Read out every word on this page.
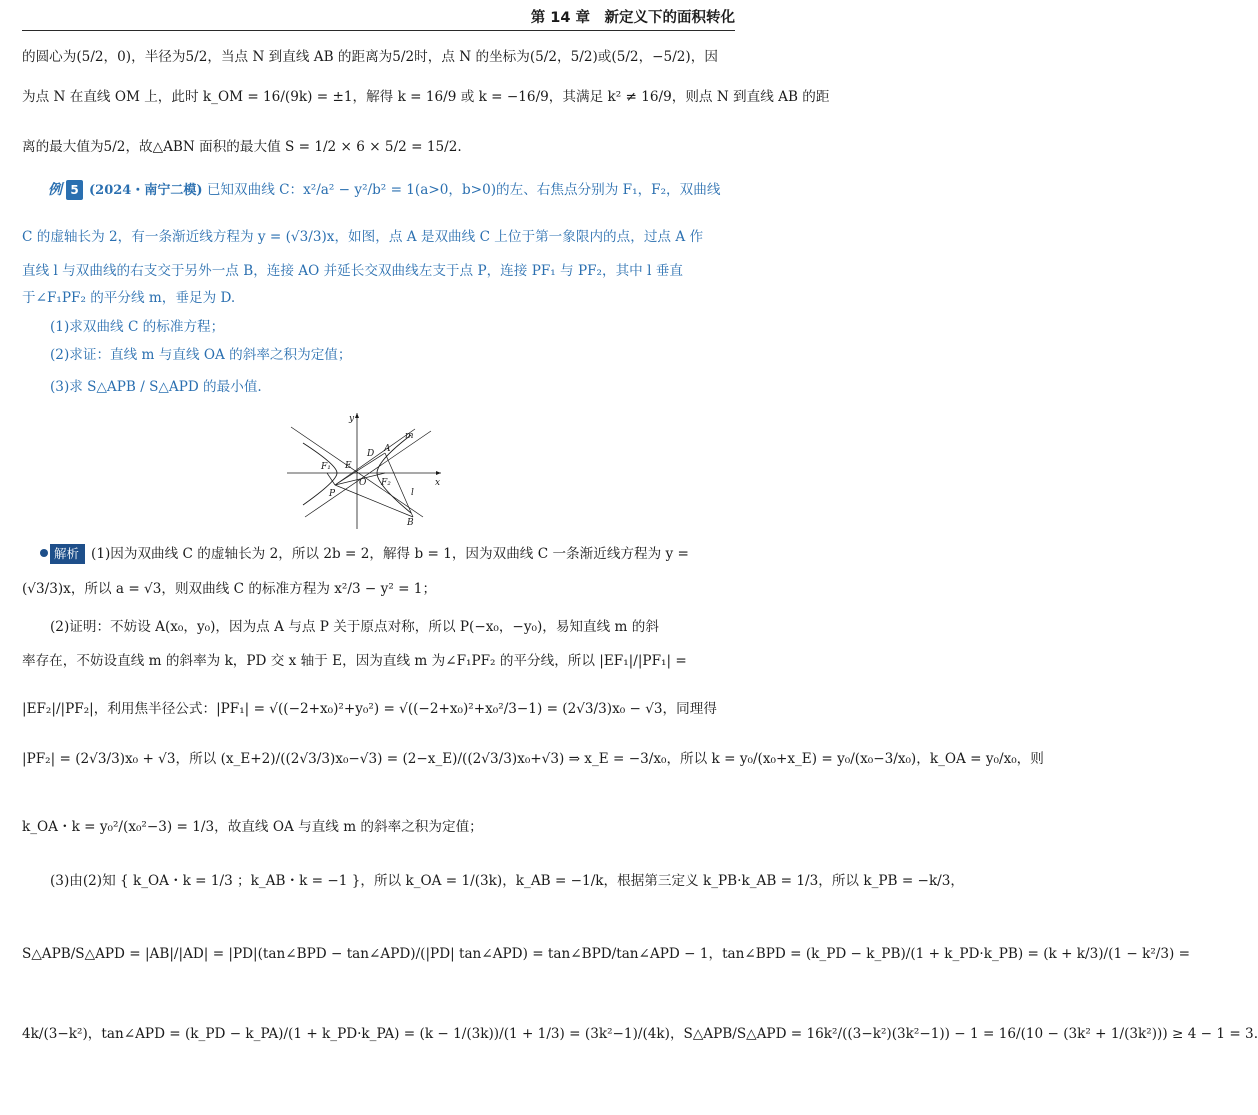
第 14 章　新定义下的面积转化
的圆心为(5/2，0)，半径为5/2，当点 N 到直线 AB 的距离为5/2时，点 N 的坐标为(5/2，5/2)或(5/2，−5/2)，因
为点 N 在直线 OM 上，此时 k_OM = 16/(9k) = ±1，解得 k = 16/9 或 k = −16/9，其满足 k² ≠ 16/9，则点 N 到直线 AB 的距
离的最大值为5/2，故△ABN 面积的最大值 S = 1/2 × 6 × 5/2 = 15/2.
例 5 (2024・南宁二模) 已知双曲线 C：x²/a² − y²/b² = 1(a>0，b>0)的左、右焦点分别为 F₁，F₂，双曲线
C 的虚轴长为 2，有一条渐近线方程为 y = (√3/3)x，如图，点 A 是双曲线 C 上位于第一象限内的点，过点 A 作
直线 l 与双曲线的右支交于另外一点 B，连接 AO 并延长交双曲线左支于点 P，连接 PF₁ 与 PF₂，其中 l 垂直
于∠F₁PF₂ 的平分线 m，垂足为 D.
(1)求双曲线 C 的标准方程；
(2)求证：直线 m 与直线 OA 的斜率之积为定值；
(3)求 S△APB / S△APD 的最小值.
y
x
m
D A
F₁ E
O F₂
P	l
B
解析 (1)因为双曲线 C 的虚轴长为 2，所以 2b = 2，解得 b = 1，因为双曲线 C 一条渐近线方程为 y =
(√3/3)x，所以 a = √3，则双曲线 C 的标准方程为 x²/3 − y² = 1；
(2)证明：不妨设 A(x₀，y₀)，因为点 A 与点 P 关于原点对称，所以 P(−x₀，−y₀)，易知直线 m 的斜
率存在，不妨设直线 m 的斜率为 k，PD 交 x 轴于 E，因为直线 m 为∠F₁PF₂ 的平分线，所以 |EF₁|/|PF₁| =
|EF₂|/|PF₂|，利用焦半径公式：|PF₁| = √((−2+x₀)²+y₀²) = √((−2+x₀)²+x₀²/3−1) = (2√3/3)x₀ − √3，同理得
|PF₂| = (2√3/3)x₀ + √3，所以 (x_E+2)/((2√3/3)x₀−√3) = (2−x_E)/((2√3/3)x₀+√3) ⇒ x_E = −3/x₀，所以 k = y₀/(x₀+x_E) = y₀/(x₀−3/x₀)，k_OA = y₀/x₀，则
k_OA・k = y₀²/(x₀²−3) = 1/3，故直线 OA 与直线 m 的斜率之积为定值；
(3)由(2)知 { k_OA・k = 1/3 ；k_AB・k = −1 }，所以 k_OA = 1/(3k)，k_AB = −1/k，根据第三定义 k_PB·k_AB = 1/3，所以 k_PB = −k/3，
S△APB/S△APD = |AB|/|AD| = |PD|(tan∠BPD − tan∠APD)/(|PD| tan∠APD) = tan∠BPD/tan∠APD − 1，tan∠BPD = (k_PD − k_PB)/(1 + k_PD·k_PB) = (k + k/3)/(1 − k²/3) =
4k/(3−k²)，tan∠APD = (k_PD − k_PA)/(1 + k_PD·k_PA) = (k − 1/(3k))/(1 + 1/3) = (3k²−1)/(4k)，S△APB/S△APD = 16k²/((3−k²)(3k²−1)) − 1 = 16/(10 − (3k² + 1/(3k²))) ≥ 4 − 1 = 3.
